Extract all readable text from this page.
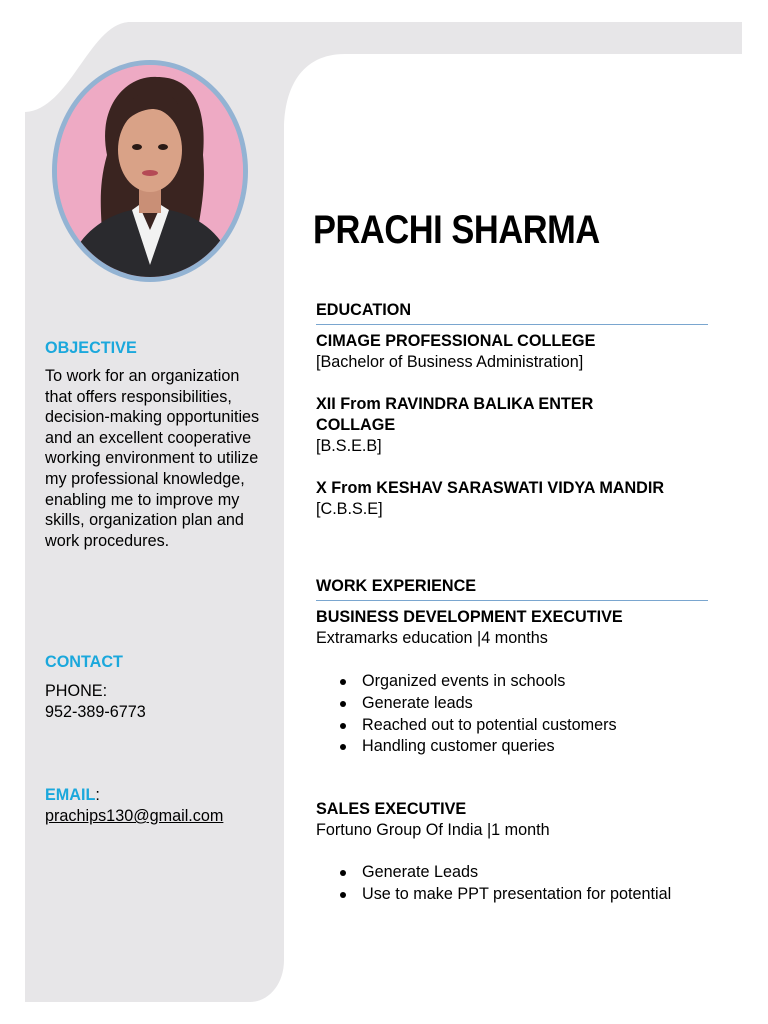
OBJECTIVE
To work for an organization that offers responsibilities, decision-making opportunities and an excellent cooperative working environment to utilize my professional knowledge, enabling me to improve my skills, organization plan and work procedures.
CONTACT
PHONE:
952-389-6773
EMAIL:
prachips130@gmail.com
PRACHI SHARMA
EDUCATION
CIMAGE PROFESSIONAL COLLEGE
[Bachelor of Business Administration]
XII From RAVINDRA BALIKA ENTER
COLLAGE
[B.S.E.B]
X From KESHAV SARASWATI VIDYA MANDIR
[C.B.S.E]
WORK EXPERIENCE
BUSINESS DEVELOPMENT EXECUTIVE
Extramarks education |4 months
Organized events in schools
Generate leads
Reached out to potential customers
Handling customer queries
SALES EXECUTIVE
Fortuno Group Of India |1 month
Generate Leads
Use to make PPT presentation for potential
